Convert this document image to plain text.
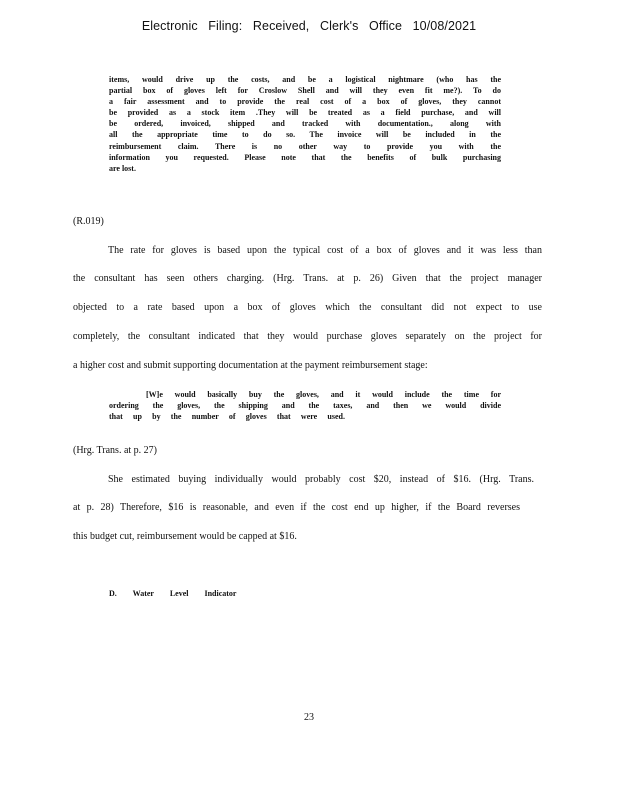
Electronic Filing: Received, Clerk's Office 10/08/2021
items, would drive up the costs, and be a logistical nightmare (who has the
partial box of gloves left for Croslow Shell and will they even fit me?). To do
a fair assessment and to provide the real cost of a box of gloves, they cannot
be provided as a stock item .They will be treated as a field purchase, and will
be ordered, invoiced, shipped and tracked with documentation., along with
all the appropriate time to do so. The invoice will be included in the
reimbursement claim. There is no other way to provide you with the
information you requested. Please note that the benefits of bulk purchasing
are lost.
(R.019)
The rate for gloves is based upon the typical cost of a box of gloves and it was less than
the consultant has seen others charging. (Hrg. Trans. at p. 26) Given that the project manager
objected to a rate based upon a box of gloves which the consultant did not expect to use
completely, the consultant indicated that they would purchase gloves separately on the project for
a higher cost and submit supporting documentation at the payment reimbursement stage:
[W]e would basically buy the gloves, and it would include the time for
ordering the gloves, the shipping and the taxes, and then we would divide
that up by the number of gloves that were used.
(Hrg. Trans. at p. 27)
She estimated buying individually would probably cost $20, instead of $16. (Hrg. Trans.
at p. 28) Therefore, $16 is reasonable, and even if the cost end up higher, if the Board reverses
this budget cut, reimbursement would be capped at $16.
D. Water Level Indicator
23
